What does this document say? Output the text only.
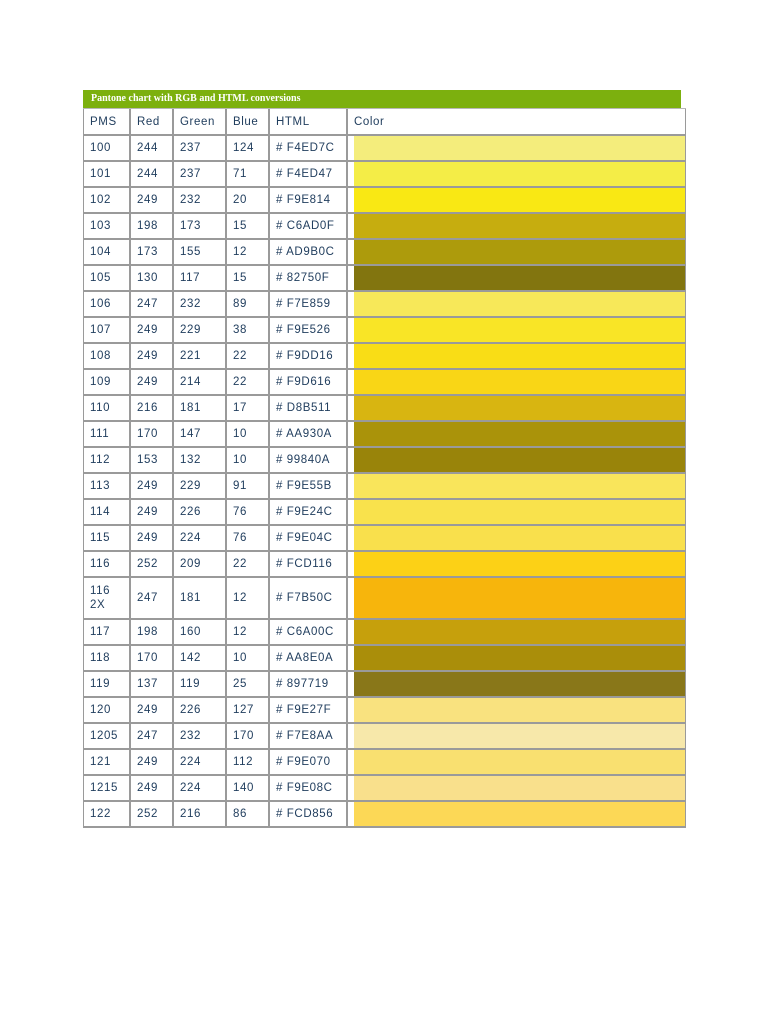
Pantone chart with RGB and HTML conversions
PMS	Red	Green	Blue	HTML	Color
100	244	237	124	# F4ED7C	

101	244	237	71	# F4ED47	

102	249	232	20	# F9E814	

103	198	173	15	# C6AD0F	

104	173	155	12	# AD9B0C	

105	130	117	15	# 82750F	

106	247	232	89	# F7E859	

107	249	229	38	# F9E526	

108	249	221	22	# F9DD16	

109	249	214	22	# F9D616	

110	216	181	17	# D8B511	

111	170	147	10	# AA930A	

112	153	132	10	# 99840A	

113	249	229	91	# F9E55B	

114	249	226	76	# F9E24C	

115	249	224	76	# F9E04C	

116	252	209	22	# FCD116	

116 2X	247	181	12	# F7B50C	

117	198	160	12	# C6A00C	

118	170	142	10	# AA8E0A	

119	137	119	25	# 897719	

120	249	226	127	# F9E27F	

1205	247	232	170	# F7E8AA	

121	249	224	112	# F9E070	

1215	249	224	140	# F9E08C	

122	252	216	86	# FCD856	
